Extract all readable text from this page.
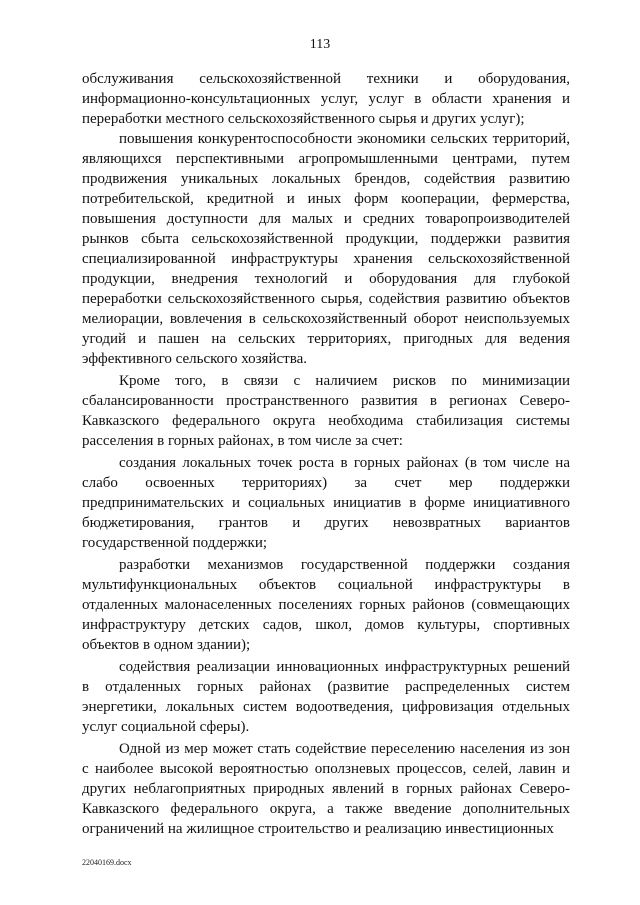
113

обслуживания сельскохозяйственной техники и оборудования, информационно-консультационных услуг, услуг в области хранения и переработки местного сельскохозяйственного сырья и других услуг);

повышения конкурентоспособности экономики сельских территорий, являющихся перспективными агропромышленными центрами, путем продвижения уникальных локальных брендов, содействия развитию потребительской, кредитной и иных форм кооперации, фермерства, повышения доступности для малых и средних товаропроизводителей рынков сбыта сельскохозяйственной продукции, поддержки развития специализированной инфраструктуры хранения сельскохозяйственной продукции, внедрения технологий и оборудования для глубокой переработки сельскохозяйственного сырья, содействия развитию объектов мелиорации, вовлечения в сельскохозяйственный оборот неиспользуемых угодий и пашен на сельских территориях, пригодных для ведения эффективного сельского хозяйства.

Кроме того, в связи с наличием рисков по минимизации сбалансированности пространственного развития в регионах Северо-Кавказского федерального округа необходима стабилизация системы расселения в горных районах, в том числе за счет:

создания локальных точек роста в горных районах (в том числе на слабо освоенных территориях) за счет мер поддержки предпринимательских и социальных инициатив в форме инициативного бюджетирования, грантов и других невозвратных вариантов государственной поддержки;

разработки механизмов государственной поддержки создания мультифункциональных объектов социальной инфраструктуры в отдаленных малонаселенных поселениях горных районов (совмещающих инфраструктуру детских садов, школ, домов культуры, спортивных объектов в одном здании);

содействия реализации инновационных инфраструктурных решений в отдаленных горных районах (развитие распределенных систем энергетики, локальных систем водоотведения, цифровизация отдельных услуг социальной сферы).

Одной из мер может стать содействие переселению населения из зон с наиболее высокой вероятностью оползневых процессов, селей, лавин и других неблагоприятных природных явлений в горных районах Северо-Кавказского федерального округа, а также введение дополнительных ограничений на жилищное строительство и реализацию инвестиционных

22040169.docx
